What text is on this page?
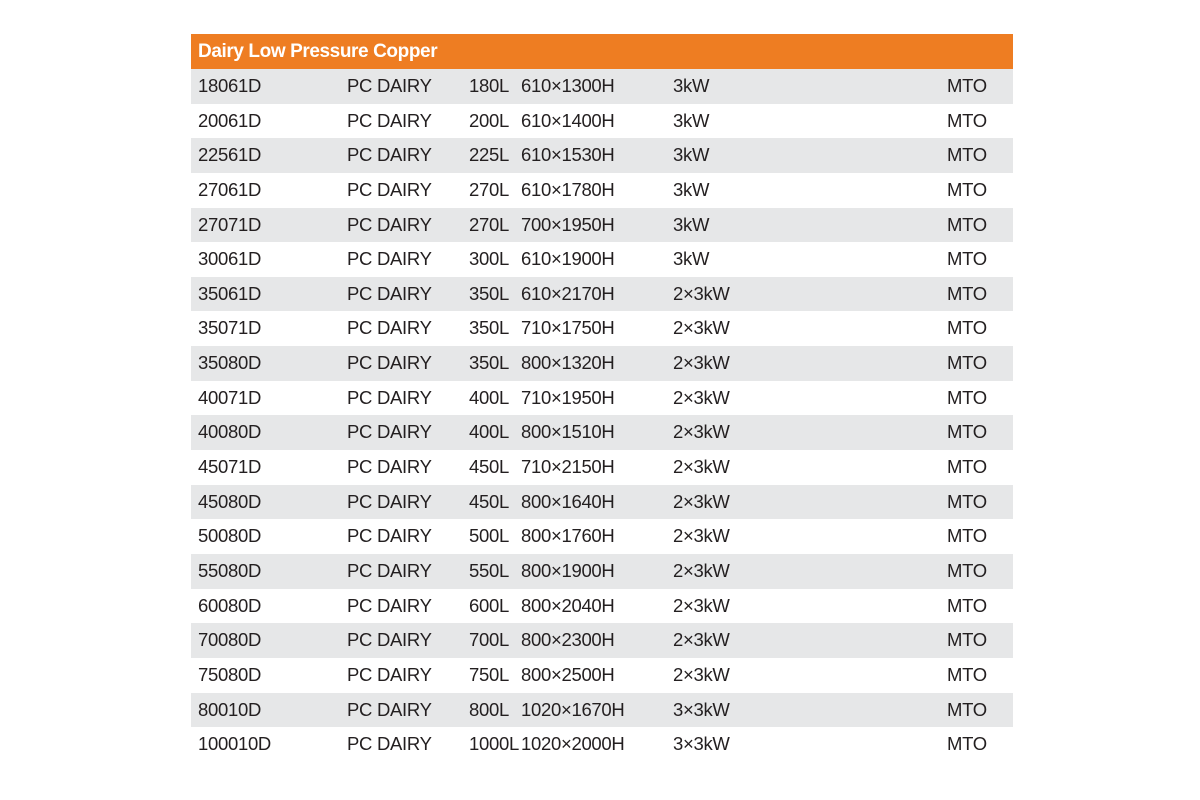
Dairy Low Pressure Copper
18061D	PC DAIRY 180L 610×1300H	3kW	MTO
20061D	PC DAIRY 200L 610×1400H	3kW	MTO
22561D	PC DAIRY 225L 610×1530H	3kW	MTO
27061D	PC DAIRY 270L 610×1780H	3kW	MTO
27071D	PC DAIRY 270L 700×1950H	3kW	MTO
30061D	PC DAIRY 300L 610×1900H	3kW	MTO
35061D	PC DAIRY 350L 610×2170H	2×3kW	MTO
35071D	PC DAIRY 350L 710×1750H	2×3kW	MTO
35080D	PC DAIRY 350L 800×1320H	2×3kW	MTO
40071D	PC DAIRY 400L 710×1950H	2×3kW	MTO
40080D	PC DAIRY 400L 800×1510H	2×3kW	MTO
45071D	PC DAIRY 450L 710×2150H	2×3kW	MTO
45080D	PC DAIRY 450L 800×1640H	2×3kW	MTO
50080D	PC DAIRY 500L 800×1760H	2×3kW	MTO
55080D	PC DAIRY 550L 800×1900H	2×3kW	MTO
60080D	PC DAIRY 600L 800×2040H	2×3kW	MTO
70080D	PC DAIRY 700L 800×2300H	2×3kW	MTO
75080D	PC DAIRY 750L 800×2500H	2×3kW	MTO
80010D	PC DAIRY 800L 1020×1670H	3×3kW	MTO
100010D	PC DAIRY 1000L 1020×2000H	3×3kW	MTO
